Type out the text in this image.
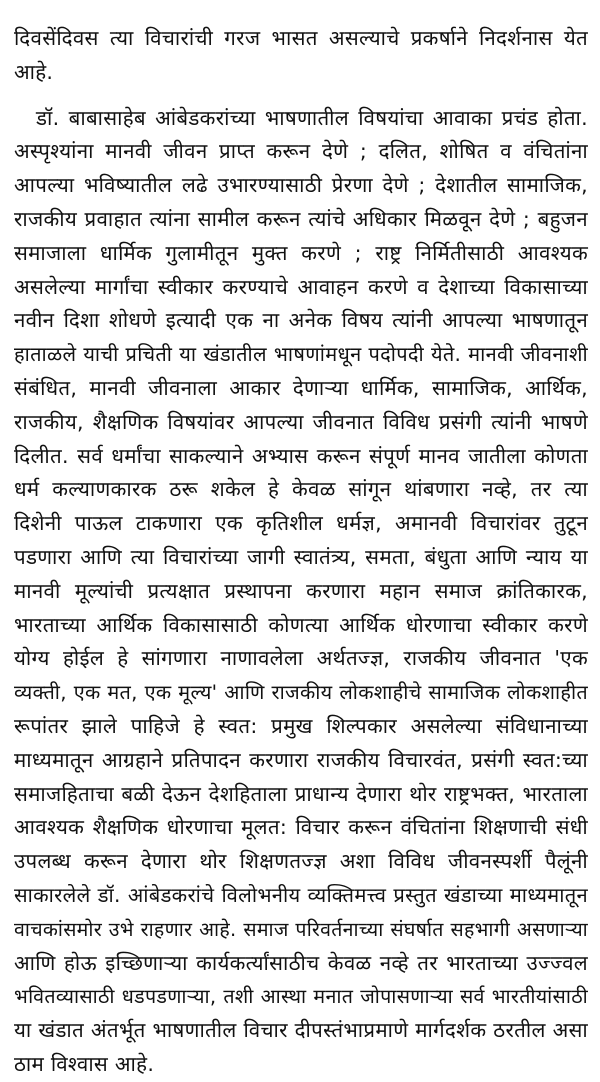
दिवसेंदिवस त्या विचारांची गरज भासत असल्याचे प्रकर्षाने निदर्शनास येत
आहे.
डॉ. बाबासाहेब आंबेडकरांच्या भाषणातील विषयांचा आवाका प्रचंड होता.
अस्पृश्यांना मानवी जीवन प्राप्त करून देणे ; दलित, शोषित व वंचितांना
आपल्या भविष्यातील लढे उभारण्यासाठी प्रेरणा देणे ; देशातील सामाजिक,
राजकीय प्रवाहात त्यांना सामील करून त्यांचे अधिकार मिळवून देणे ; बहुजन
समाजाला धार्मिक गुलामीतून मुक्त करणे ; राष्ट्र निर्मितीसाठी आवश्यक
असलेल्या मार्गांचा स्वीकार करण्याचे आवाहन करणे व देशाच्या विकासाच्या
नवीन दिशा शोधणे इत्यादी एक ना अनेक विषय त्यांनी आपल्या भाषणातून
हाताळले याची प्रचिती या खंडातील भाषणांमधून पदोपदी येते. मानवी जीवनाशी
संबंधित, मानवी जीवनाला आकार देणाऱ्या धार्मिक, सामाजिक, आर्थिक,
राजकीय, शैक्षणिक विषयांवर आपल्या जीवनात विविध प्रसंगी त्यांनी भाषणे
दिलीत. सर्व धर्मांचा साकल्याने अभ्यास करून संपूर्ण मानव जातीला कोणता
धर्म कल्याणकारक ठरू शकेल हे केवळ सांगून थांबणारा नव्हे, तर त्या
दिशेनी पाऊल टाकणारा एक कृतिशील धर्मज्ञ, अमानवी विचारांवर तुटून
पडणारा आणि त्या विचारांच्या जागी स्वातंत्र्य, समता, बंधुता आणि न्याय या
मानवी मूल्यांची प्रत्यक्षात प्रस्थापना करणारा महान समाज क्रांतिकारक,
भारताच्या आर्थिक विकासासाठी कोणत्या आर्थिक धोरणाचा स्वीकार करणे
योग्य होईल हे सांगणारा नाणावलेला अर्थतज्ज्ञ, राजकीय जीवनात 'एक
व्यक्ती, एक मत, एक मूल्य' आणि राजकीय लोकशाहीचे सामाजिक लोकशाहीत
रूपांतर झाले पाहिजे हे स्वत: प्रमुख शिल्पकार असलेल्या संविधानाच्या
माध्यमातून आग्रहाने प्रतिपादन करणारा राजकीय विचारवंत, प्रसंगी स्वत:च्या
समाजहिताचा बळी देऊन देशहिताला प्राधान्य देणारा थोर राष्ट्रभक्त, भारताला
आवश्यक शैक्षणिक धोरणाचा मूलत: विचार करून वंचितांना शिक्षणाची संधी
उपलब्ध करून देणारा थोर शिक्षणतज्ज्ञ अशा विविध जीवनस्पर्शी पैलूंनी
साकारलेले डॉ. आंबेडकरांचे विलोभनीय व्यक्तिमत्त्व प्रस्तुत खंडाच्या माध्यमातून
वाचकांसमोर उभे राहणार आहे. समाज परिवर्तनाच्या संघर्षात सहभागी असणाऱ्या
आणि होऊ इच्छिणाऱ्या कार्यकर्त्यांसाठीच केवळ नव्हे तर भारताच्या उज्ज्वल
भवितव्यासाठी धडपडणाऱ्या, तशी आस्था मनात जोपासणाऱ्या सर्व भारतीयांसाठी
या खंडात अंतर्भूत भाषणातील विचार दीपस्तंभाप्रमाणे मार्गदर्शक ठरतील असा
ठाम विश्वास आहे.
